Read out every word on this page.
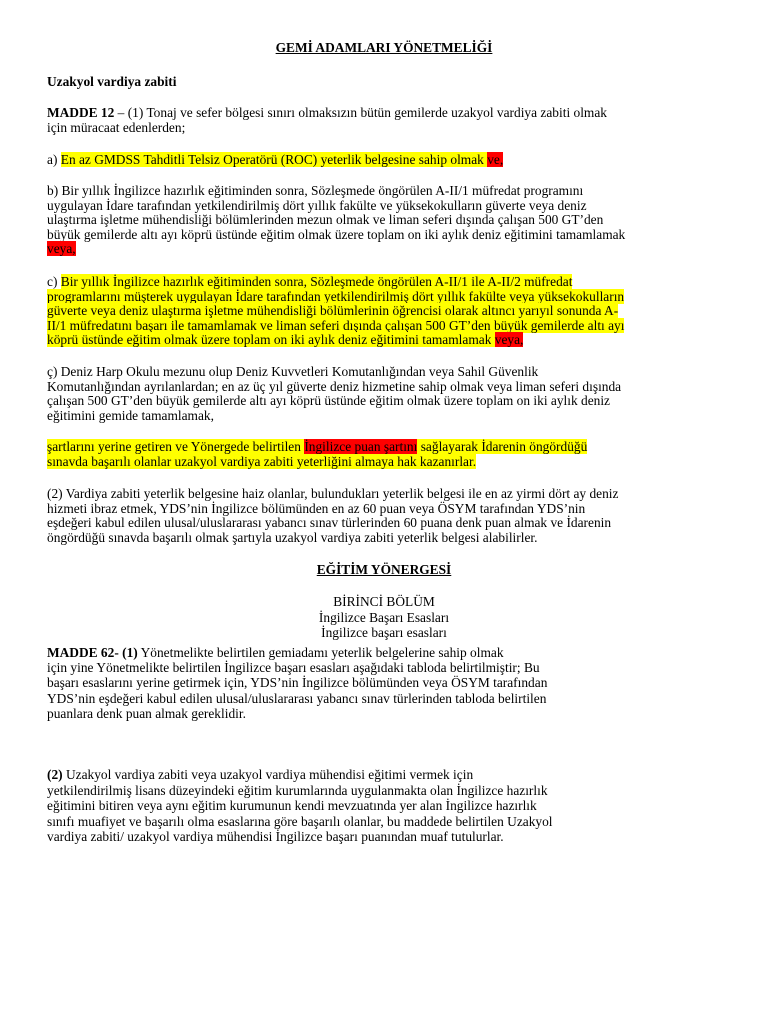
GEMİ ADAMLARI YÖNETMELİĞİ
Uzakyol vardiya zabiti
MADDE 12 – (1) Tonaj ve sefer bölgesi sınırı olmaksızın bütün gemilerde uzakyol vardiya zabiti olmak
için müracaat edenlerden;
a) En az GMDSS Tahditli Telsiz Operatörü (ROC) yeterlik belgesine sahip olmak ve,
b) Bir yıllık İngilizce hazırlık eğitiminden sonra, Sözleşmede öngörülen A-II/1 müfredat programını
uygulayan İdare tarafından yetkilendirilmiş dört yıllık fakülte ve yüksekokulların güverte veya deniz
ulaştırma işletme mühendisliği bölümlerinden mezun olmak ve liman seferi dışında çalışan 500 GT’den
büyük gemilerde altı ayı köprü üstünde eğitim olmak üzere toplam on iki aylık deniz eğitimini tamamlamak
veya,
c) Bir yıllık İngilizce hazırlık eğitiminden sonra, Sözleşmede öngörülen A-II/1 ile A-II/2 müfredat
programlarını müşterek uygulayan İdare tarafından yetkilendirilmiş dört yıllık fakülte veya yüksekokulların
güverte veya deniz ulaştırma işletme mühendisliği bölümlerinin öğrencisi olarak altıncı yarıyıl sonunda A-
II/1 müfredatını başarı ile tamamlamak ve liman seferi dışında çalışan 500 GT’den büyük gemilerde altı ayı
köprü üstünde eğitim olmak üzere toplam on iki aylık deniz eğitimini tamamlamak veya,
ç) Deniz Harp Okulu mezunu olup Deniz Kuvvetleri Komutanlığından veya Sahil Güvenlik
Komutanlığından ayrılanlardan; en az üç yıl güverte deniz hizmetine sahip olmak veya liman seferi dışında
çalışan 500 GT’den büyük gemilerde altı ayı köprü üstünde eğitim olmak üzere toplam on iki aylık deniz
eğitimini gemide tamamlamak,
şartlarını yerine getiren ve Yönergede belirtilen İngilizce puan şartını sağlayarak İdarenin öngördüğü
sınavda başarılı olanlar uzakyol vardiya zabiti yeterliğini almaya hak kazanırlar.
(2) Vardiya zabiti yeterlik belgesine haiz olanlar, bulundukları yeterlik belgesi ile en az yirmi dört ay deniz
hizmeti ibraz etmek, YDS’nin İngilizce bölümünden en az 60 puan veya ÖSYM tarafından YDS’nin
eşdeğeri kabul edilen ulusal/uluslararası yabancı sınav türlerinden 60 puana denk puan almak ve İdarenin
öngördüğü sınavda başarılı olmak şartıyla uzakyol vardiya zabiti yeterlik belgesi alabilirler.
EĞİTİM YÖNERGESİ
BİRİNCİ BÖLÜM
İngilizce Başarı Esasları
İngilizce başarı esasları
MADDE 62- (1) Yönetmelikte belirtilen gemiadamı yeterlik belgelerine sahip olmak
için yine Yönetmelikte belirtilen İngilizce başarı esasları aşağıdaki tabloda belirtilmiştir; Bu
başarı esaslarını yerine getirmek için, YDS’nin İngilizce bölümünden veya ÖSYM tarafından
YDS’nin eşdeğeri kabul edilen ulusal/uluslararası yabancı sınav türlerinden tabloda belirtilen
puanlara denk puan almak gereklidir.
(2) Uzakyol vardiya zabiti veya uzakyol vardiya mühendisi eğitimi vermek için
yetkilendirilmiş lisans düzeyindeki eğitim kurumlarında uygulanmakta olan İngilizce hazırlık
eğitimini bitiren veya aynı eğitim kurumunun kendi mevzuatında yer alan İngilizce hazırlık
sınıfı muafiyet ve başarılı olma esaslarına göre başarılı olanlar, bu maddede belirtilen Uzakyol
vardiya zabiti/ uzakyol vardiya mühendisi İngilizce başarı puanından muaf tutulurlar.
